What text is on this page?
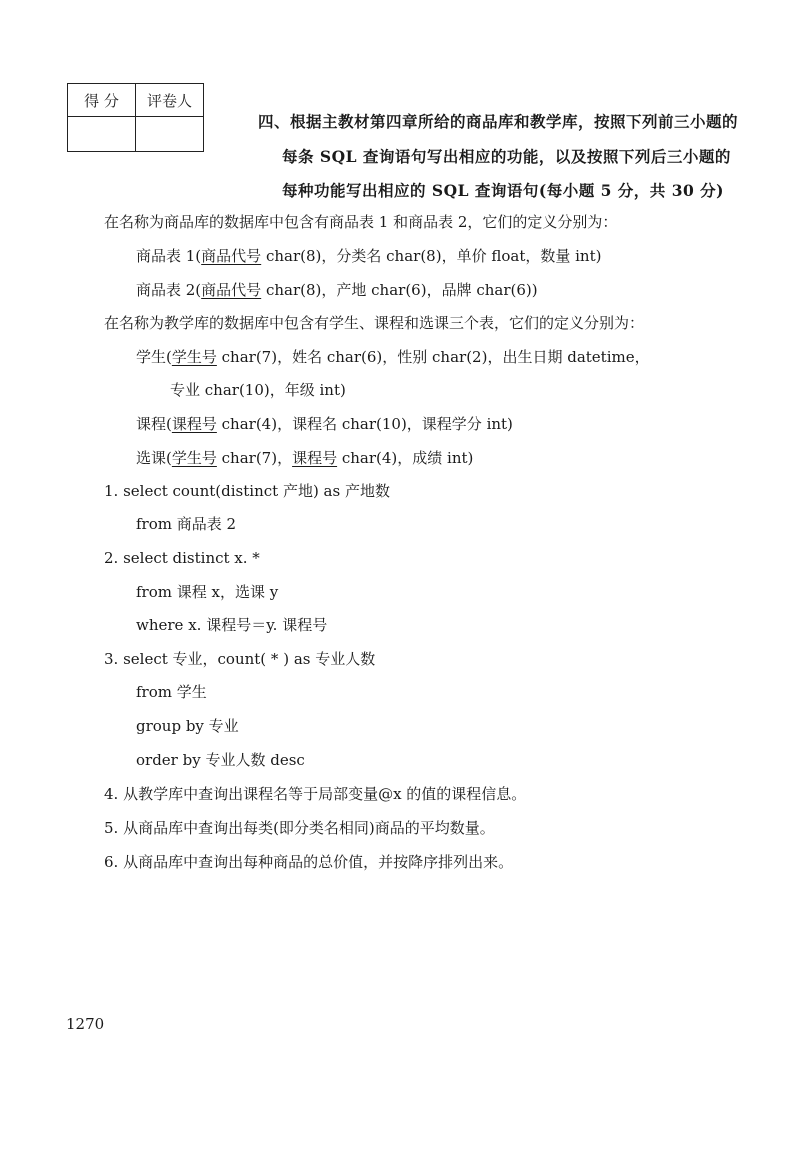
得 分	评卷人

四、根据主教材第四章所给的商品库和教学库，按照下列前三小题的
每条 SQL 查询语句写出相应的功能，以及按照下列后三小题的
每种功能写出相应的 SQL 查询语句(每小题 5 分，共 30 分)
在名称为商品库的数据库中包含有商品表 1 和商品表 2，它们的定义分别为：
商品表 1(商品代号 char(8)，分类名 char(8)，单价 float，数量 int)
商品表 2(商品代号 char(8)，产地 char(6)，品牌 char(6))
在名称为教学库的数据库中包含有学生、课程和选课三个表，它们的定义分别为：
学生(学生号 char(7)，姓名 char(6)，性别 char(2)，出生日期 datetime，
专业 char(10)，年级 int)
课程(课程号 char(4)，课程名 char(10)，课程学分 int)
选课(学生号 char(7)，课程号 char(4)，成绩 int)
1. select count(distinct 产地) as 产地数
from 商品表 2
2. select distinct x. *
from 课程 x，选课 y
where x. 课程号＝y. 课程号
3. select 专业，count( * ) as 专业人数
from 学生
group by 专业
order by 专业人数 desc
4. 从教学库中查询出课程名等于局部变量@x 的值的课程信息。
5. 从商品库中查询出每类(即分类名相同)商品的平均数量。
6. 从商品库中查询出每种商品的总价值，并按降序排列出来。
1270
